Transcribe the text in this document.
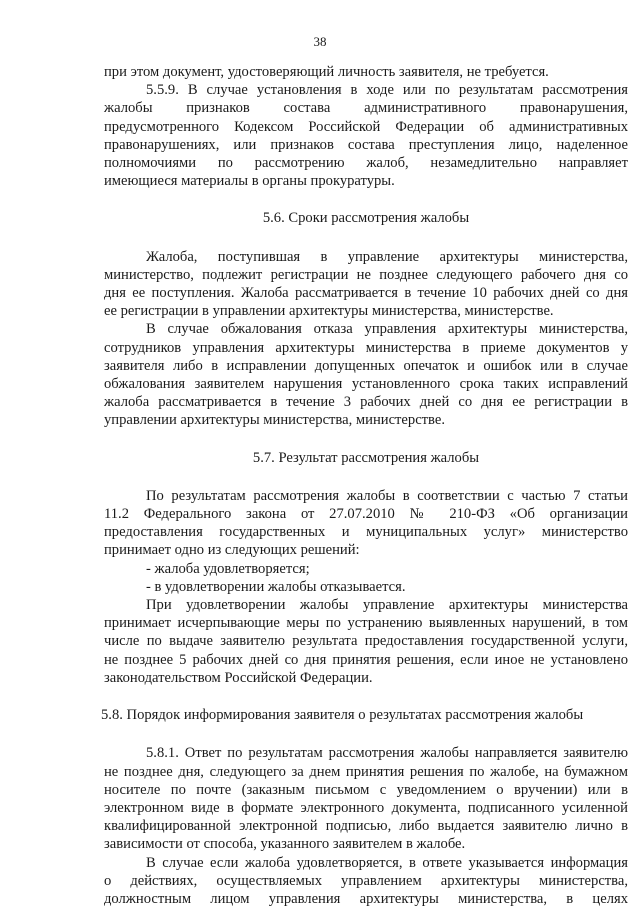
38
при этом документ, удостоверяющий личность заявителя, не требуется.
5.5.9. В случае установления в ходе или по результатам рассмотрения
жалобы признаков состава административного правонарушения,
предусмотренного Кодексом Российской Федерации об административных
правонарушениях, или признаков состава преступления лицо, наделенное
полномочиями по рассмотрению жалоб, незамедлительно направляет
имеющиеся материалы в органы прокуратуры.
5.6. Сроки рассмотрения жалобы
Жалоба, поступившая в управление архитектуры министерства,
министерство, подлежит регистрации не позднее следующего рабочего дня со
дня ее поступления. Жалоба рассматривается в течение 10 рабочих дней со дня
ее регистрации в управлении архитектуры министерства, министерстве.
В случае обжалования отказа управления архитектуры министерства,
сотрудников управления архитектуры министерства в приеме документов у
заявителя либо в исправлении допущенных опечаток и ошибок или в случае
обжалования заявителем нарушения установленного срока таких исправлений
жалоба рассматривается в течение 3 рабочих дней со дня ее регистрации в
управлении архитектуры министерства, министерстве.
5.7. Результат рассмотрения жалобы
По результатам рассмотрения жалобы в соответствии с частью 7 статьи
11.2 Федерального закона от 27.07.2010 № 210-ФЗ «Об организации
предоставления государственных и муниципальных услуг» министерство
принимает одно из следующих решений:
- жалоба удовлетворяется;
- в удовлетворении жалобы отказывается.
При удовлетворении жалобы управление архитектуры министерства
принимает исчерпывающие меры по устранению выявленных нарушений, в том
числе по выдаче заявителю результата предоставления государственной услуги,
не позднее 5 рабочих дней со дня принятия решения, если иное не установлено
законодательством Российской Федерации.
5.8. Порядок информирования заявителя о результатах рассмотрения жалобы
5.8.1. Ответ по результатам рассмотрения жалобы направляется заявителю
не позднее дня, следующего за днем принятия решения по жалобе, на бумажном
носителе по почте (заказным письмом с уведомлением о вручении) или в
электронном виде в формате электронного документа, подписанного усиленной
квалифицированной электронной подписью, либо выдается заявителю лично в
зависимости от способа, указанного заявителем в жалобе.
В случае если жалоба удовлетворяется, в ответе указывается информация
о действиях, осуществляемых управлением архитектуры министерства,
должностным лицом управления архитектуры министерства, в целях
